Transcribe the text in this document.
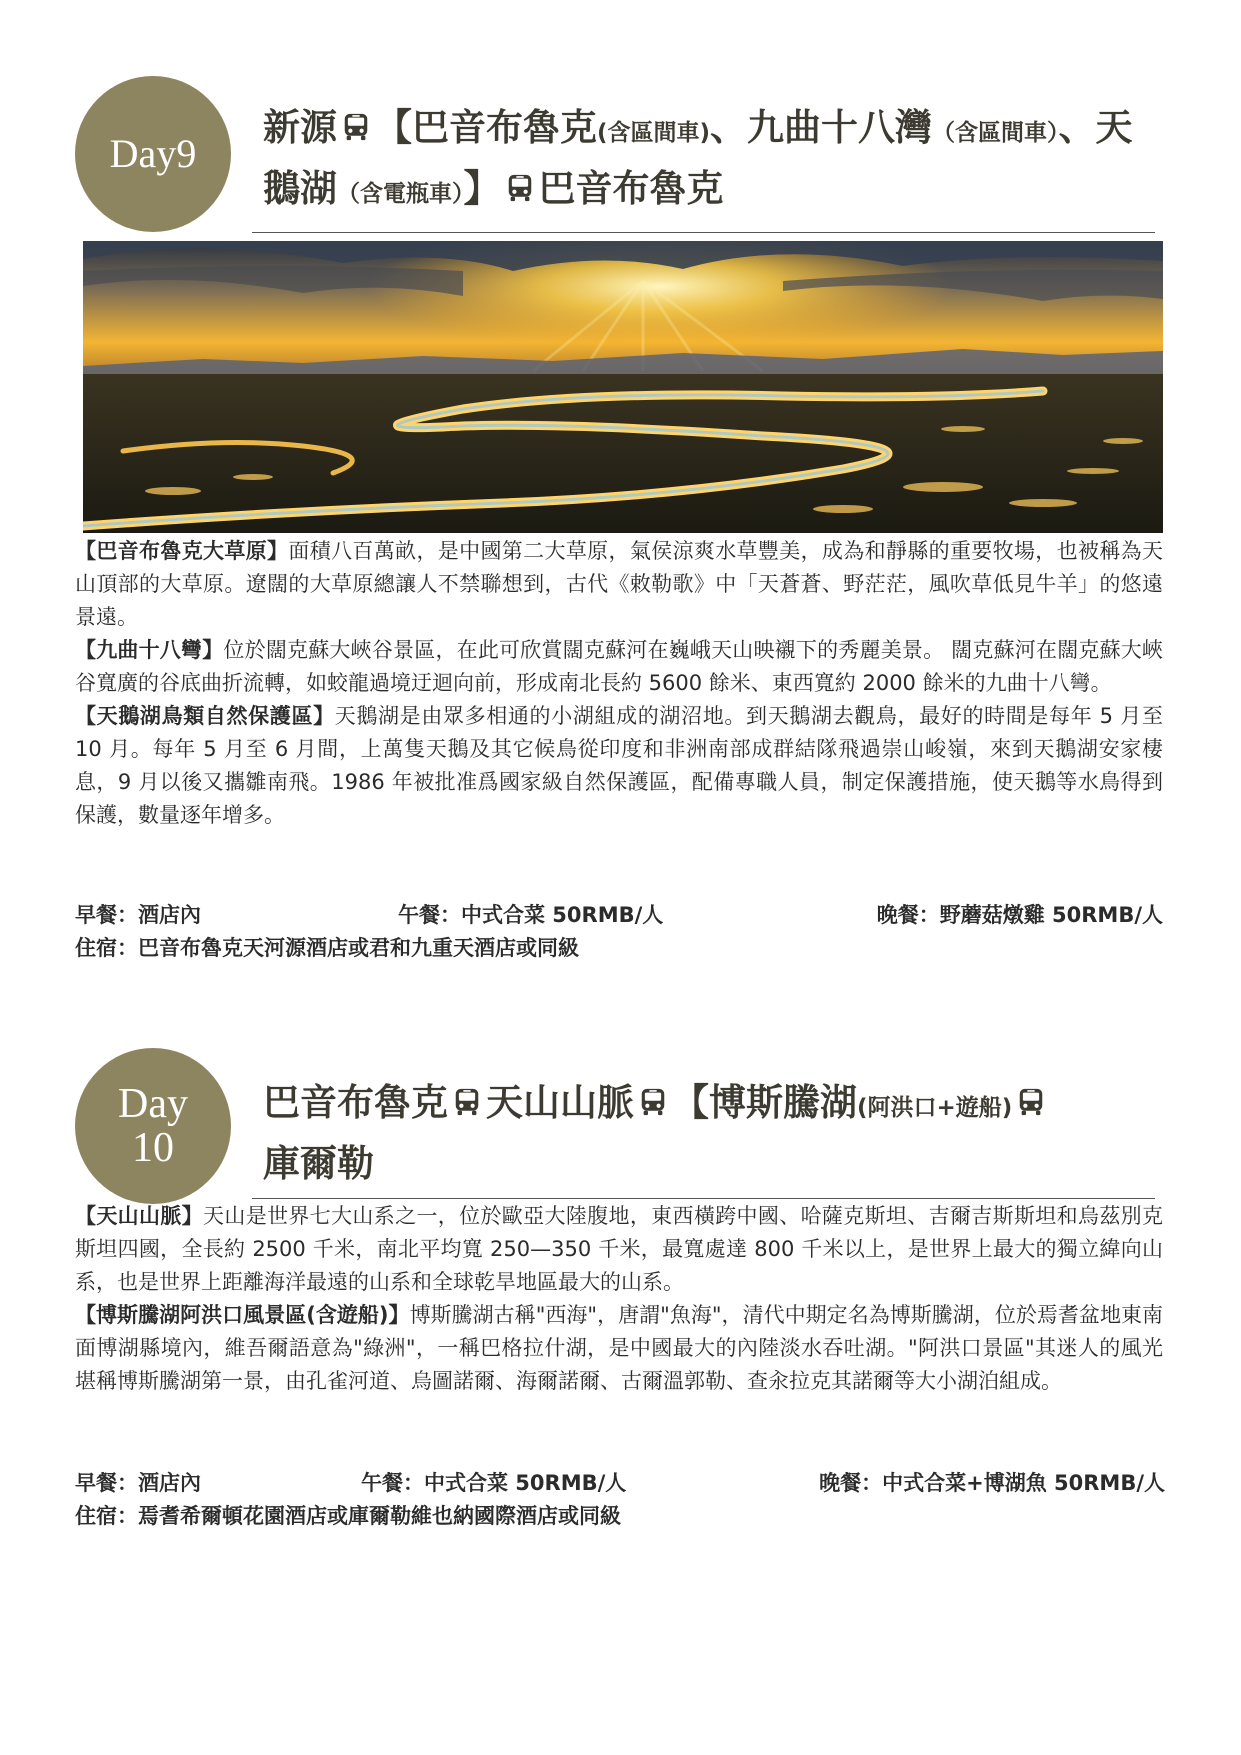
Day9
新源 【巴音布魯克(含區間車)、九曲十八灣（含區間車）、天鵝湖（含電瓶車）】 巴音布魯克

【巴音布魯克大草原】面積八百萬畝，是中國第二大草原，氣侯涼爽水草豐美，成為和靜縣的重要牧場，也被稱為天山頂部的大草原。遼闊的大草原總讓人不禁聯想到，古代《敕勒歌》中「天蒼蒼、野茫茫，風吹草低見牛羊」的悠遠景遠。

【九曲十八彎】位於闊克蘇大峽谷景區，在此可欣賞闊克蘇河在巍峨天山映襯下的秀麗美景。 闊克蘇河在闊克蘇大峽谷寬廣的谷底曲折流轉，如蛟龍過境迂迴向前，形成南北長約 5600 餘米、東西寬約 2000 餘米的九曲十八彎。

【天鵝湖鳥類自然保護區】天鵝湖是由眾多相通的小湖組成的湖沼地。到天鵝湖去觀鳥，最好的時間是每年 5 月至 10 月。每年 5 月至 6 月間，上萬隻天鵝及其它候鳥從印度和非洲南部成群結隊飛過崇山峻嶺，來到天鵝湖安家棲息，9 月以後又攜雛南飛。1986 年被批准爲國家級自然保護區，配備專職人員，制定保護措施，使天鵝等水鳥得到保護，數量逐年增多。

早餐：酒店內	午餐：中式合菜 50RMB/人	晚餐：野蘑菇燉雞 50RMB/人
住宿：巴音布魯克天河源酒店或君和九重天酒店或同級
Day
10
巴音布魯克 天山山脈 【博斯騰湖(阿洪口+遊船)
庫爾勒

【天山山脈】天山是世界七大山系之一，位於歐亞大陸腹地，東西橫跨中國、哈薩克斯坦、吉爾吉斯斯坦和烏茲別克斯坦四國，全長約 2500 千米，南北平均寬 250—350 千米，最寬處達 800 千米以上，是世界上最大的獨立緯向山系，也是世界上距離海洋最遠的山系和全球乾旱地區最大的山系。

【博斯騰湖阿洪口風景區(含遊船)】博斯騰湖古稱"西海"，唐謂"魚海"，清代中期定名為博斯騰湖，位於焉耆盆地東南面博湖縣境內，維吾爾語意為"綠洲"，一稱巴格拉什湖，是中國最大的內陸淡水吞吐湖。"阿洪口景區"其迷人的風光堪稱博斯騰湖第一景，由孔雀河道、烏圖諾爾、海爾諾爾、古爾溫郭勒、查汆拉克其諾爾等大小湖泊組成。

早餐：酒店內	午餐：中式合菜 50RMB/人	晚餐：中式合菜+博湖魚 50RMB/人
住宿：焉耆希爾頓花園酒店或庫爾勒維也納國際酒店或同級
